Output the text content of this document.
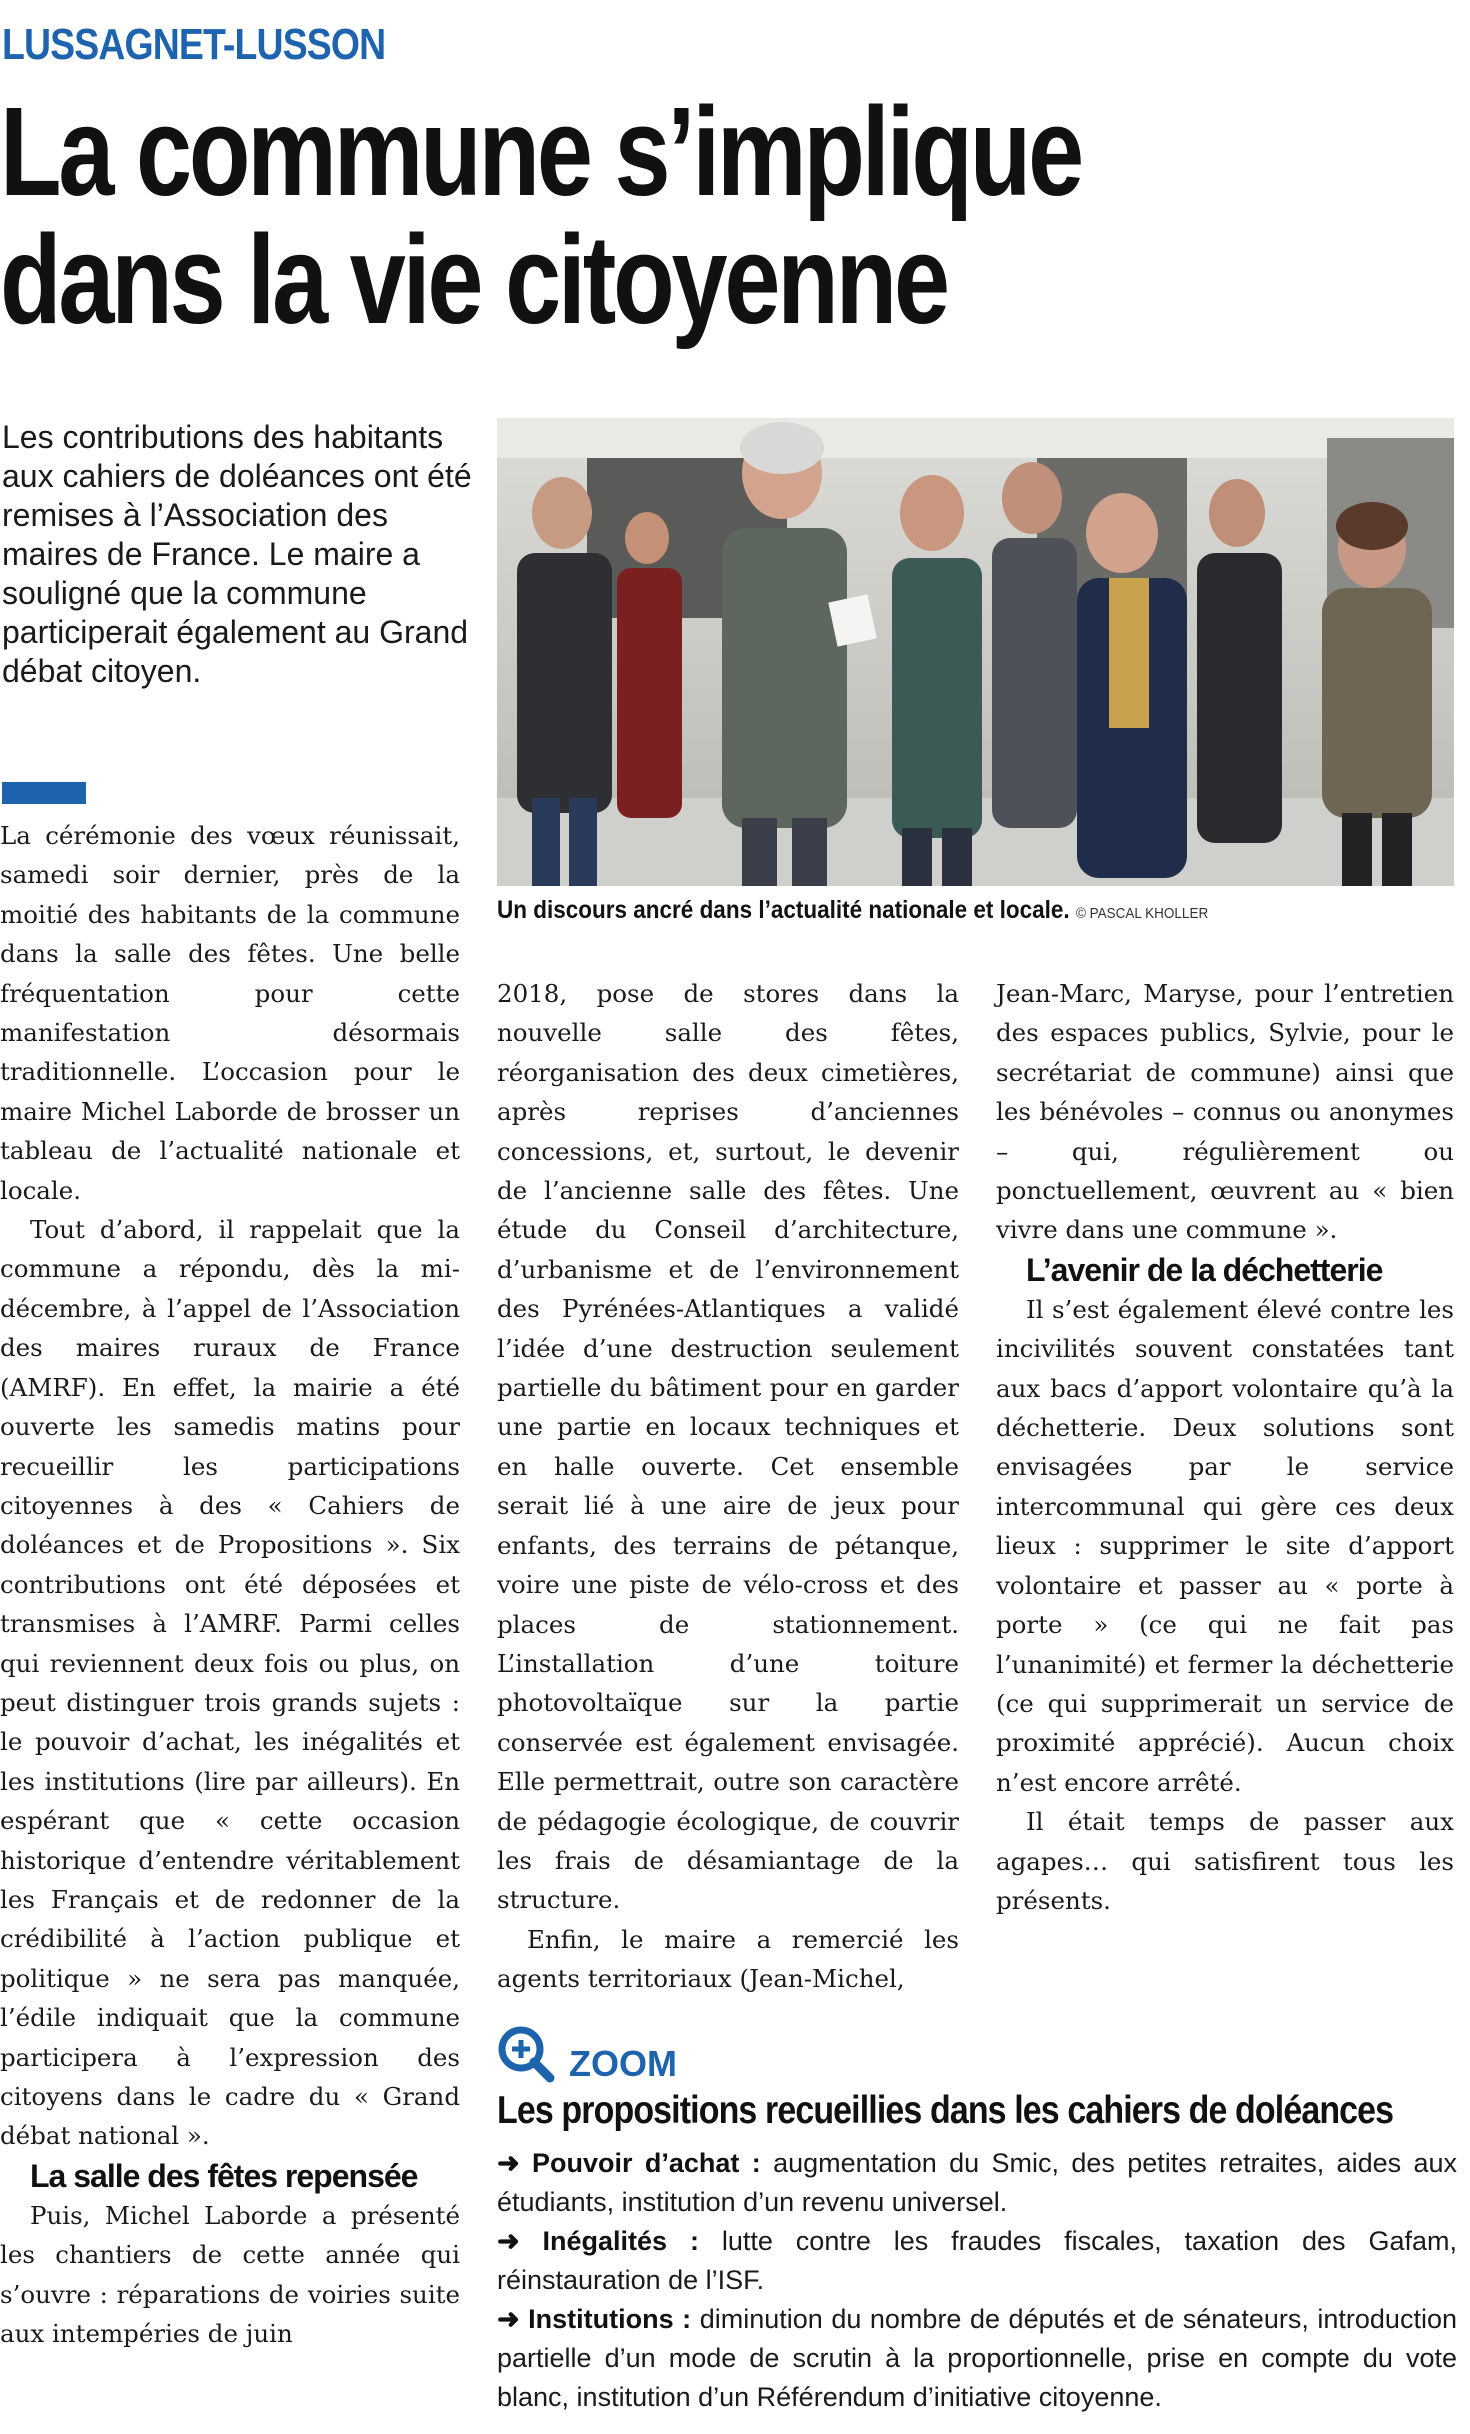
LUSSAGNET-LUSSON
La commune s’implique
dans la vie citoyenne
Les contributions des habitants aux cahiers de doléances ont été remises à l’Association des maires de France. Le maire a souligné que la commune participerait également au Grand débat citoyen.
Un discours ancré dans l’actualité nationale et locale. © PASCAL KHOLLER

La cérémonie des vœux réunissait, samedi soir dernier, près de la moitié des habitants de la commune dans la salle des fêtes. Une belle fréquentation pour cette manifestation désormais traditionnelle. L’occasion pour le maire Michel Laborde de brosser un tableau de l’actualité nationale et locale.

Tout d’abord, il rappelait que la commune a répondu, dès la mi-décembre, à l’appel de l’Association des maires ruraux de France (AMRF). En effet, la mairie a été ouverte les samedis matins pour recueillir les participations citoyennes à des « Cahiers de doléances et de Propositions ». Six contributions ont été déposées et transmises à l’AMRF. Parmi celles qui reviennent deux fois ou plus, on peut distinguer trois grands sujets : le pouvoir d’achat, les inégalités et les institutions (lire par ailleurs). En espérant que « cette occasion historique d’entendre véritablement les Français et de redonner de la crédibilité à l’action publique et politique » ne sera pas manquée, l’édile indiquait que la commune participera à l’expression des citoyens dans le cadre du « Grand débat national ».

La salle des fêtes repensée

Puis, Michel Laborde a présenté les chantiers de cette année qui s’ouvre : réparations de voiries suite aux intempéries de juin

2018, pose de stores dans la nouvelle salle des fêtes, réorganisation des deux cimetières, après reprises d’anciennes concessions, et, surtout, le devenir de l’ancienne salle des fêtes. Une étude du Conseil d’architecture, d’urbanisme et de l’environnement des Pyrénées-Atlantiques a validé l’idée d’une destruction seulement partielle du bâtiment pour en garder une partie en locaux techniques et en halle ouverte. Cet ensemble serait lié à une aire de jeux pour enfants, des terrains de pétanque, voire une piste de vélo-cross et des places de stationnement. L’installation d’une toiture photovoltaïque sur la partie conservée est également envisagée. Elle permettrait, outre son caractère de pédagogie écologique, de couvrir les frais de désamiantage de la structure.

Enfin, le maire a remercié les agents territoriaux (Jean-Michel,

Jean-Marc, Maryse, pour l’entretien des espaces publics, Sylvie, pour le secrétariat de commune) ainsi que les bénévoles – connus ou anonymes – qui, régulièrement ou ponctuellement, œuvrent au « bien vivre dans une commune ».

L’avenir de la déchetterie

Il s’est également élevé contre les incivilités souvent constatées tant aux bacs d’apport volontaire qu’à la déchetterie. Deux solutions sont envisagées par le service intercommunal qui gère ces deux lieux : supprimer le site d’apport volontaire et passer au « porte à porte » (ce qui ne fait pas l’unanimité) et fermer la déchetterie (ce qui supprimerait un service de proximité apprécié). Aucun choix n’est encore arrêté.

Il était temps de passer aux agapes… qui satisfirent tous les présents.

ZOOM
Les propositions recueillies dans les cahiers de doléances

➜ Pouvoir d’achat : augmentation du Smic, des petites retraites, aides aux étudiants, institution d’un revenu universel.

➜ Inégalités : lutte contre les fraudes fiscales, taxation des Gafam, réinstauration de l’ISF.

➜ Institutions : diminution du nombre de députés et de sénateurs, introduction partielle d’un mode de scrutin à la proportionnelle, prise en compte du vote blanc, institution d’un Référendum d’initiative citoyenne.
